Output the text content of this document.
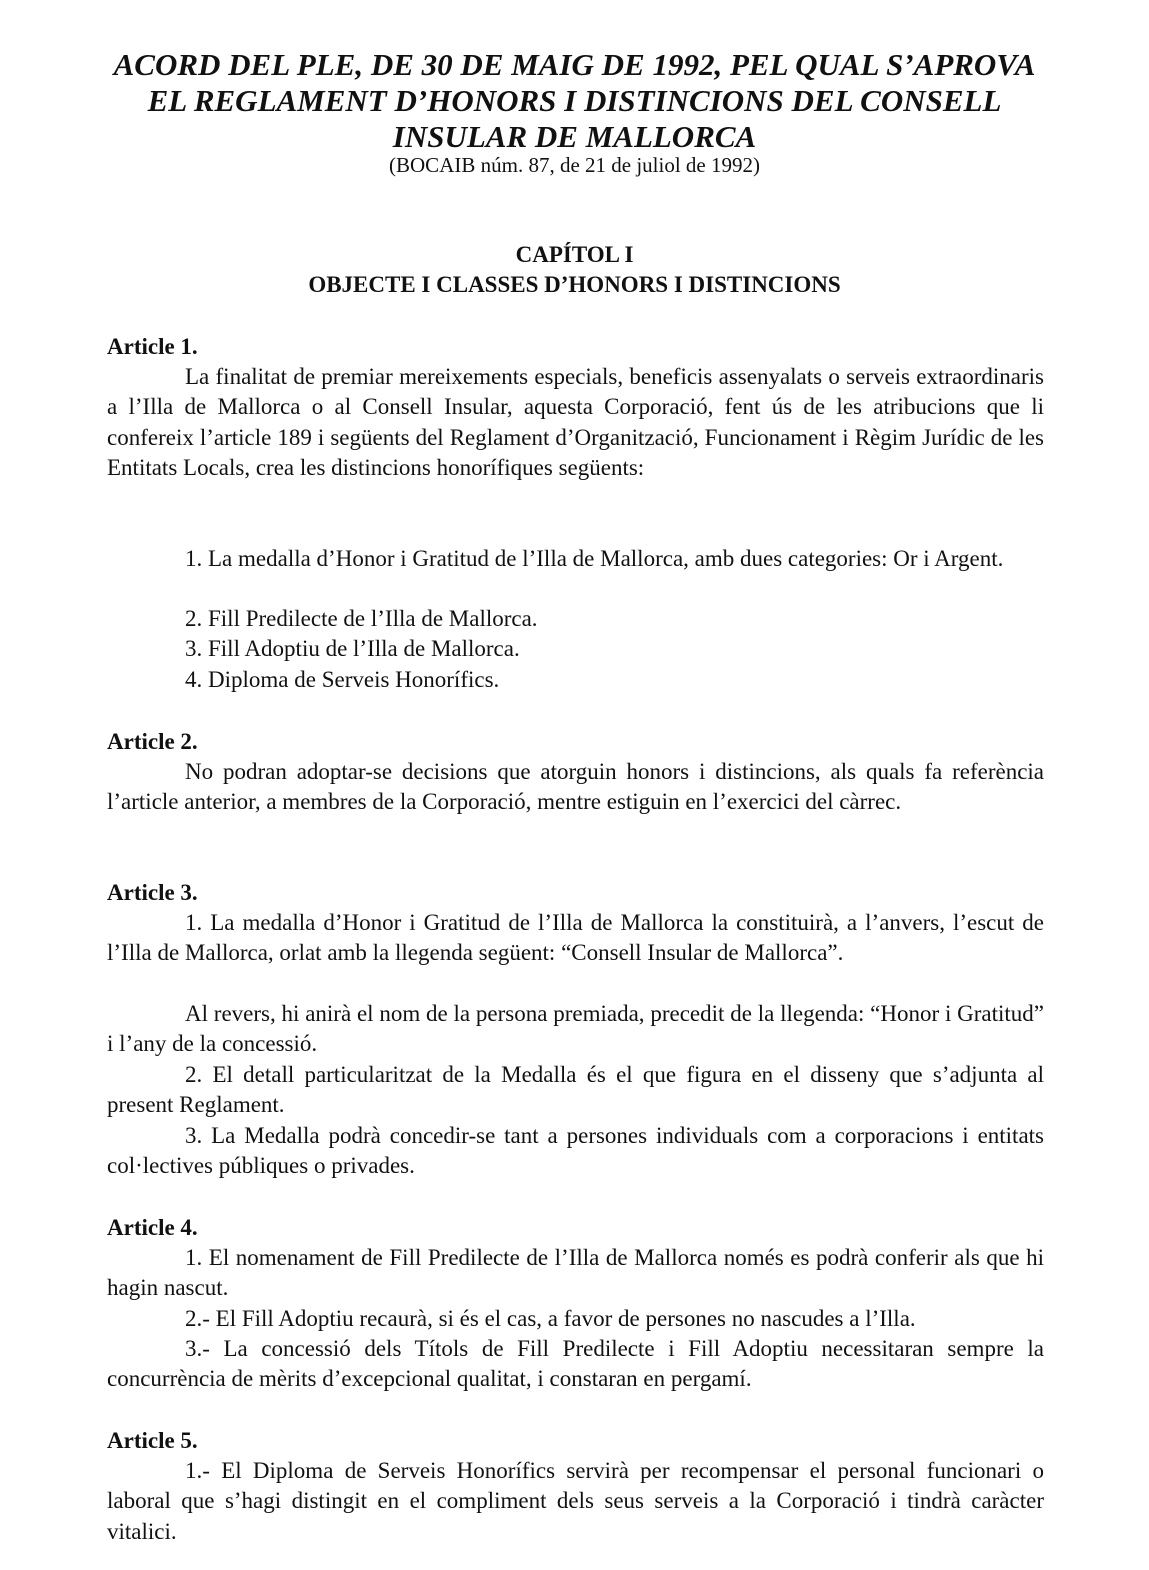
ACORD DEL PLE, DE 30 DE MAIG DE 1992, PEL QUAL S’APROVA
EL REGLAMENT D’HONORS I DISTINCIONS DEL CONSELL
INSULAR DE MALLORCA

(BOCAIB núm. 87, de 21 de juliol de 1992)

CAPÍTOL I
OBJECTE I CLASSES D’HONORS I DISTINCIONS
Article 1.

La finalitat de premiar mereixements especials, beneficis assenyalats o serveis extraordinaris a l’Illa de Mallorca o al Consell Insular, aquesta Corporació, fent ús de les atribucions que li confereix l’article 189 i següents del Reglament d’Organització, Funcionament i Règim Jurídic de les Entitats Locals, crea les distincions honorífiques següents:

1. La medalla d’Honor i Gratitud de l’Illa de Mallorca, amb dues categories: Or i Argent.

2. Fill Predilecte de l’Illa de Mallorca.

3. Fill Adoptiu de l’Illa de Mallorca.

4. Diploma de Serveis Honorífics.

Article 2.

No podran adoptar-se decisions que atorguin honors i distincions, als quals fa referència l’article anterior, a membres de la Corporació, mentre estiguin en l’exercici del càrrec.

Article 3.

1. La medalla d’Honor i Gratitud de l’Illa de Mallorca la constituirà, a l’anvers, l’escut de l’Illa de Mallorca, orlat amb la llegenda següent: “Consell Insular de Mallorca”.

Al revers, hi anirà el nom de la persona premiada, precedit de la llegenda: “Honor i Gratitud” i l’any de la concessió.

2. El detall particularitzat de la Medalla és el que figura en el disseny que s’adjunta al present Reglament.

3. La Medalla podrà concedir-se tant a persones individuals com a corporacions i entitats col·lectives públiques o privades.

Article 4.

1. El nomenament de Fill Predilecte de l’Illa de Mallorca només es podrà conferir als que hi hagin nascut.

2.- El Fill Adoptiu recaurà, si és el cas, a favor de persones no nascudes a l’Illa.

3.- La concessió dels Títols de Fill Predilecte i Fill Adoptiu necessitaran sempre la concurrència de mèrits d’excepcional qualitat, i constaran en pergamí.

Article 5.

1.- El Diploma de Serveis Honorífics servirà per recompensar el personal funcionari o laboral que s’hagi distingit en el compliment dels seus serveis a la Corporació i tindrà caràcter vitalici.
